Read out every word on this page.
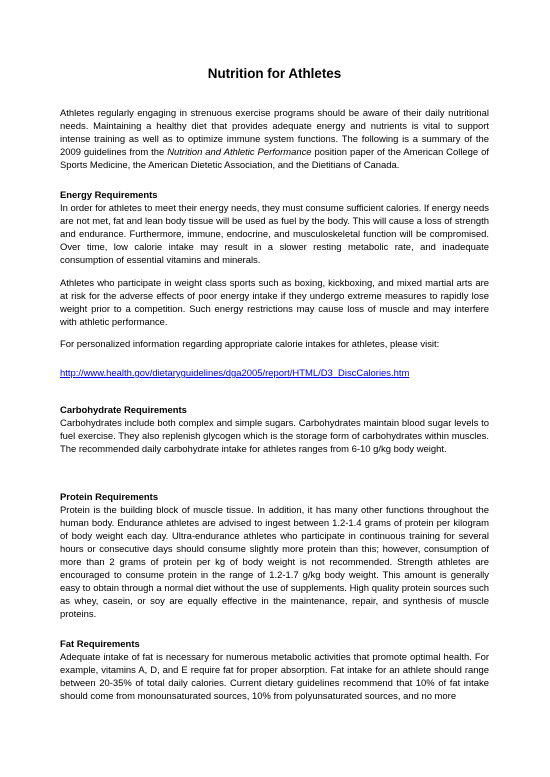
Nutrition for Athletes

Athletes regularly engaging in strenuous exercise programs should be aware of their daily nutritional needs. Maintaining a healthy diet that provides adequate energy and nutrients is vital to support intense training as well as to optimize immune system functions. The following is a summary of the 2009 guidelines from the Nutrition and Athletic Performance position paper of the American College of Sports Medicine, the American Dietetic Association, and the Dietitians of Canada.

Energy Requirements

In order for athletes to meet their energy needs, they must consume sufficient calories. If energy needs are not met, fat and lean body tissue will be used as fuel by the body. This will cause a loss of strength and endurance. Furthermore, immune, endocrine, and musculoskeletal function will be compromised. Over time, low calorie intake may result in a slower resting metabolic rate, and inadequate consumption of essential vitamins and minerals.

Athletes who participate in weight class sports such as boxing, kickboxing, and mixed martial arts are at risk for the adverse effects of poor energy intake if they undergo extreme measures to rapidly lose weight prior to a competition. Such energy restrictions may cause loss of muscle and may interfere with athletic performance.

For personalized information regarding appropriate calorie intakes for athletes, please visit:

http://www.health.gov/dietaryguidelines/dga2005/report/HTML/D3_DiscCalories.htm

Carbohydrate Requirements

Carbohydrates include both complex and simple sugars. Carbohydrates maintain blood sugar levels to fuel exercise. They also replenish glycogen which is the storage form of carbohydrates within muscles. The recommended daily carbohydrate intake for athletes ranges from 6-10 g/kg body weight.

Protein Requirements

Protein is the building block of muscle tissue. In addition, it has many other functions throughout the human body. Endurance athletes are advised to ingest between 1.2-1.4 grams of protein per kilogram of body weight each day. Ultra-endurance athletes who participate in continuous training for several hours or consecutive days should consume slightly more protein than this; however, consumption of more than 2 grams of protein per kg of body weight is not recommended. Strength athletes are encouraged to consume protein in the range of 1.2-1.7 g/kg body weight. This amount is generally easy to obtain through a normal diet without the use of supplements. High quality protein sources such as whey, casein, or soy are equally effective in the maintenance, repair, and synthesis of muscle proteins.

Fat Requirements

Adequate intake of fat is necessary for numerous metabolic activities that promote optimal health. For example, vitamins A, D, and E require fat for proper absorption. Fat intake for an athlete should range between 20-35% of total daily calories. Current dietary guidelines recommend that 10% of fat intake should come from monounsaturated sources, 10% from polyunsaturated sources, and no more
